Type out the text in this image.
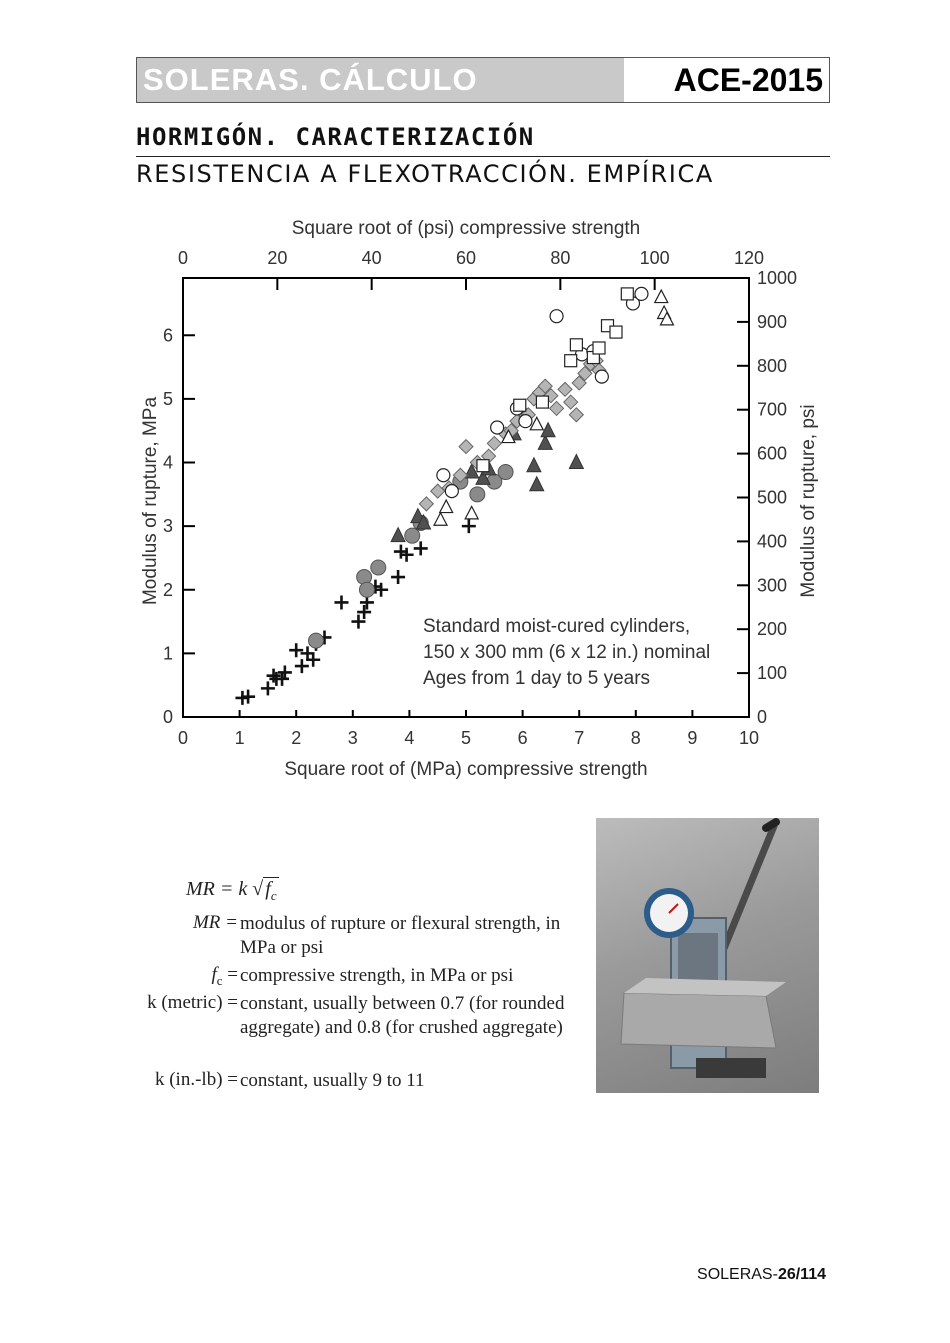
SOLERAS. CÁLCULO	ACE-2015
HORMIGÓN. CARACTERIZACIÓN
RESISTENCIA A FLEXOTRACCIÓN. EMPÍRICA
0	1	2	3	4	5	6	7	8	9 10
0	20	40	60	80	100	120
0
1
2
3
4
5
6
0
100
200
300
400
500
600
700
800
900
1000
Square root of (MPa) compressive strength
Square root of (psi) compressive strength
Modulus of rupture, MPa	Modulus of rupture, psi
Standard moist-cured cylinders,
150 x 300 mm (6 x 12 in.) nominal
Ages from 1 day to 5 years
MR = k √ $f_c$
MR = modulus of rupture or flexural strength, in MPa or psi
$f_c$ = compressive strength, in MPa or psi
k (metric) = constant, usually between 0.7 (for rounded aggregate) and 0.8 (for crushed aggregate)
k (in.-lb) = constant, usually 9 to 11
SOLERAS-26/114
